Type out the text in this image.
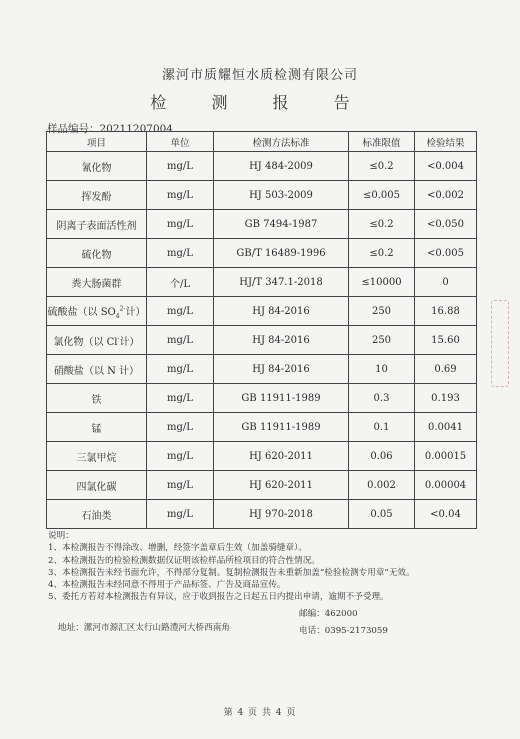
漯河市质耀恒水质检测有限公司
检 测 报 告
样品编号：20211207004
项目	单位	检测方法标准	标准限值	检验结果
氰化物	mg/L	HJ 484-2009	≤0.2	<0.004
挥发酚	mg/L	HJ 503-2009	≤0.005	<0.002
阴离子表面活性剂	mg/L	GB 7494-1987	≤0.2	<0.050
硫化物	mg/L	GB/T 16489-1996	≤0.2	<0.005
粪大肠菌群	个/L	HJ/T 347.1-2018	≤10000	0
硫酸盐（以 $SO_4^{2-}$计）	mg/L	HJ 84-2016	250	16.88
氯化物（以 Cl-计）	mg/L	HJ 84-2016	250	15.60
硝酸盐（以 N 计）	mg/L	HJ 84-2016	10	0.69
铁	mg/L	GB 11911-1989	0.3	0.193
锰	mg/L	GB 11911-1989	0.1	0.0041
三氯甲烷	mg/L	HJ 620-2011	0.06	0.00015
四氯化碳	mg/L	HJ 620-2011	0.002	0.00004
石油类	mg/L	HJ 970-2018	0.05	<0.04

说明：

1、本检测报告不得涂改、增删，经签字盖章后生效（加盖骑缝章）。

2、本检测报告的检验检测数据仅证明该检样品所检项目的符合性情况。

3、本检测报告未经书面允许，不得部分复制。复制检测报告未重新加盖“检验检测专用章”无效。

4、本检测报告未经同意不得用于产品标签、广告及商品宣传。

5、委托方若对本检测报告有异议，应于收到报告之日起五日内提出申请，逾期不予受理。

邮编：462000

电话：0395-2173059

地址：漯河市源汇区太行山路澧河大桥西南角
第 4 页 共 4 页
